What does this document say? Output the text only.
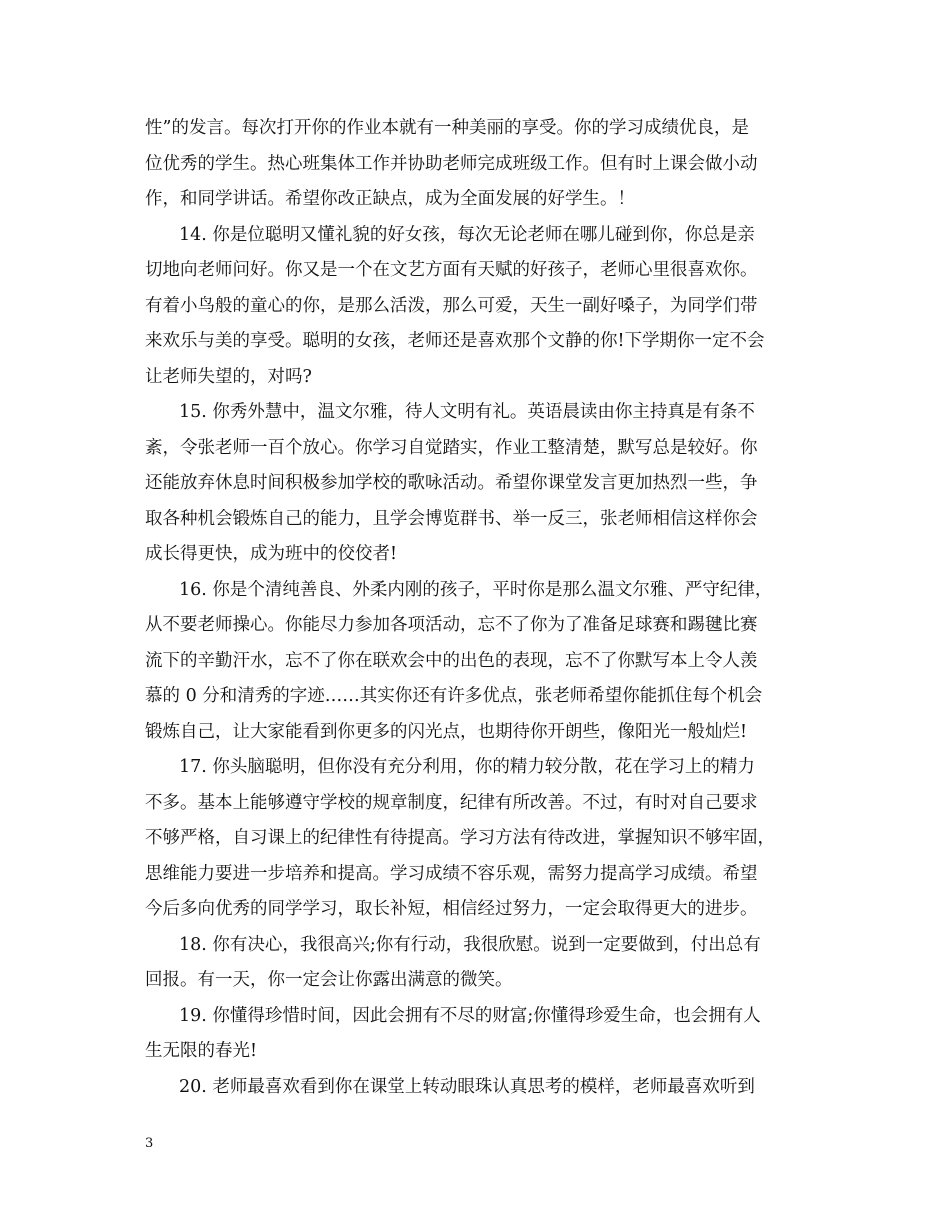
性”的发言。每次打开你的作业本就有一种美丽的享受。你的学习成绩优良，是
位优秀的学生。热心班集体工作并协助老师完成班级工作。但有时上课会做小动
作，和同学讲话。希望你改正缺点，成为全面发展的好学生。！
14. 你是位聪明又懂礼貌的好女孩，每次无论老师在哪儿碰到你，你总是亲
切地向老师问好。你又是一个在文艺方面有天赋的好孩子，老师心里很喜欢你。
有着小鸟般的童心的你，是那么活泼，那么可爱，天生一副好嗓子，为同学们带
来欢乐与美的享受。聪明的女孩，老师还是喜欢那个文静的你!下学期你一定不会
让老师失望的，对吗?
15. 你秀外慧中，温文尔雅，待人文明有礼。英语晨读由你主持真是有条不
紊，令张老师一百个放心。你学习自觉踏实，作业工整清楚，默写总是较好。你
还能放弃休息时间积极参加学校的歌咏活动。希望你课堂发言更加热烈一些，争
取各种机会锻炼自己的能力，且学会博览群书、举一反三，张老师相信这样你会
成长得更快，成为班中的佼佼者!
16. 你是个清纯善良、外柔内刚的孩子，平时你是那么温文尔雅、严守纪律，
从不要老师操心。你能尽力参加各项活动，忘不了你为了准备足球赛和踢毽比赛
流下的辛勤汗水，忘不了你在联欢会中的出色的表现，忘不了你默写本上令人羡
慕的 0 分和清秀的字迹……其实你还有许多优点，张老师希望你能抓住每个机会
锻炼自己，让大家能看到你更多的闪光点，也期待你开朗些，像阳光一般灿烂!
17. 你头脑聪明，但你没有充分利用，你的精力较分散，花在学习上的精力
不多。基本上能够遵守学校的规章制度，纪律有所改善。不过，有时对自己要求
不够严格，自习课上的纪律性有待提高。学习方法有待改进，掌握知识不够牢固，
思维能力要进一步培养和提高。学习成绩不容乐观，需努力提高学习成绩。希望
今后多向优秀的同学学习，取长补短，相信经过努力，一定会取得更大的进步。
18. 你有决心，我很高兴;你有行动，我很欣慰。说到一定要做到，付出总有
回报。有一天，你一定会让你露出满意的微笑。
19. 你懂得珍惜时间，因此会拥有不尽的财富;你懂得珍爱生命，也会拥有人
生无限的春光!
20. 老师最喜欢看到你在课堂上转动眼珠认真思考的模样，老师最喜欢听到
3
